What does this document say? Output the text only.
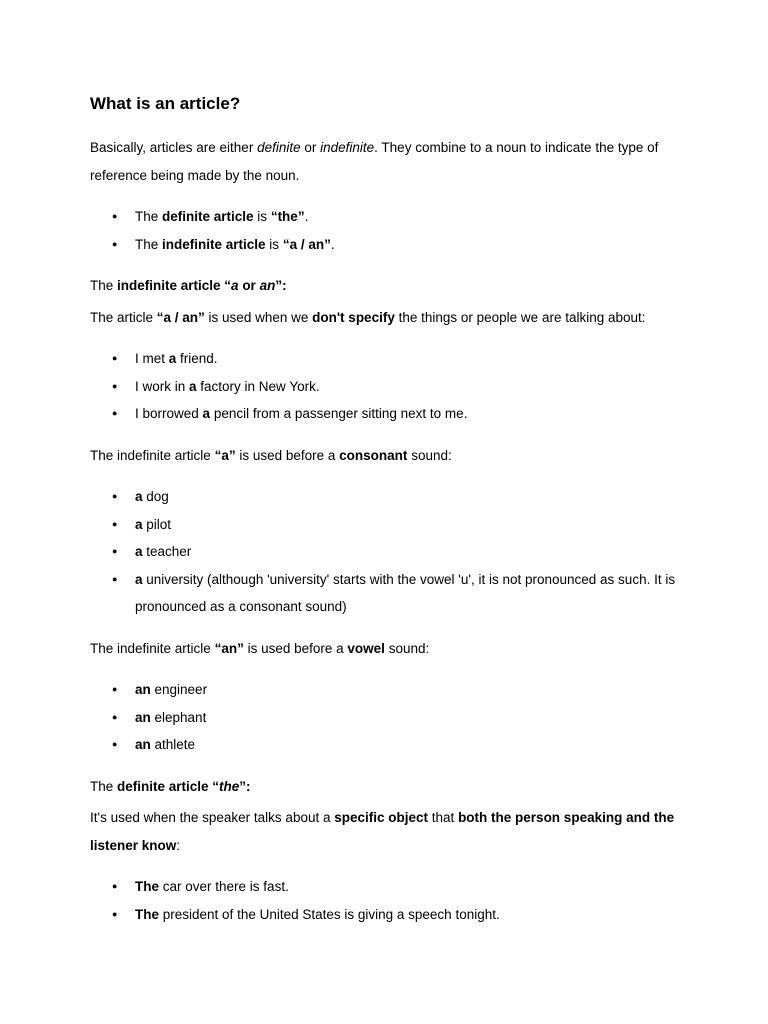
What is an article?

Basically, articles are either definite or indefinite. They combine to a noun to indicate the type of reference being made by the noun.

● The definite article is “the”.
● The indefinite article is “a / an”.

The indefinite article “a or an”:

The article “a / an” is used when we don't specify the things or people we are talking about:

● I met a friend.
● I work in a factory in New York.
● I borrowed a pencil from a passenger sitting next to me.

The indefinite article “a” is used before a consonant sound:

● a dog
● a pilot
● a teacher
● a university (although 'university' starts with the vowel 'u', it is not pronounced as such. It is pronounced as a consonant sound)

The indefinite article “an” is used before a vowel sound:

● an engineer
● an elephant
● an athlete

The definite article “the”:

It's used when the speaker talks about a specific object that both the person speaking and the listener know:

● The car over there is fast.
● The president of the United States is giving a speech tonight.
